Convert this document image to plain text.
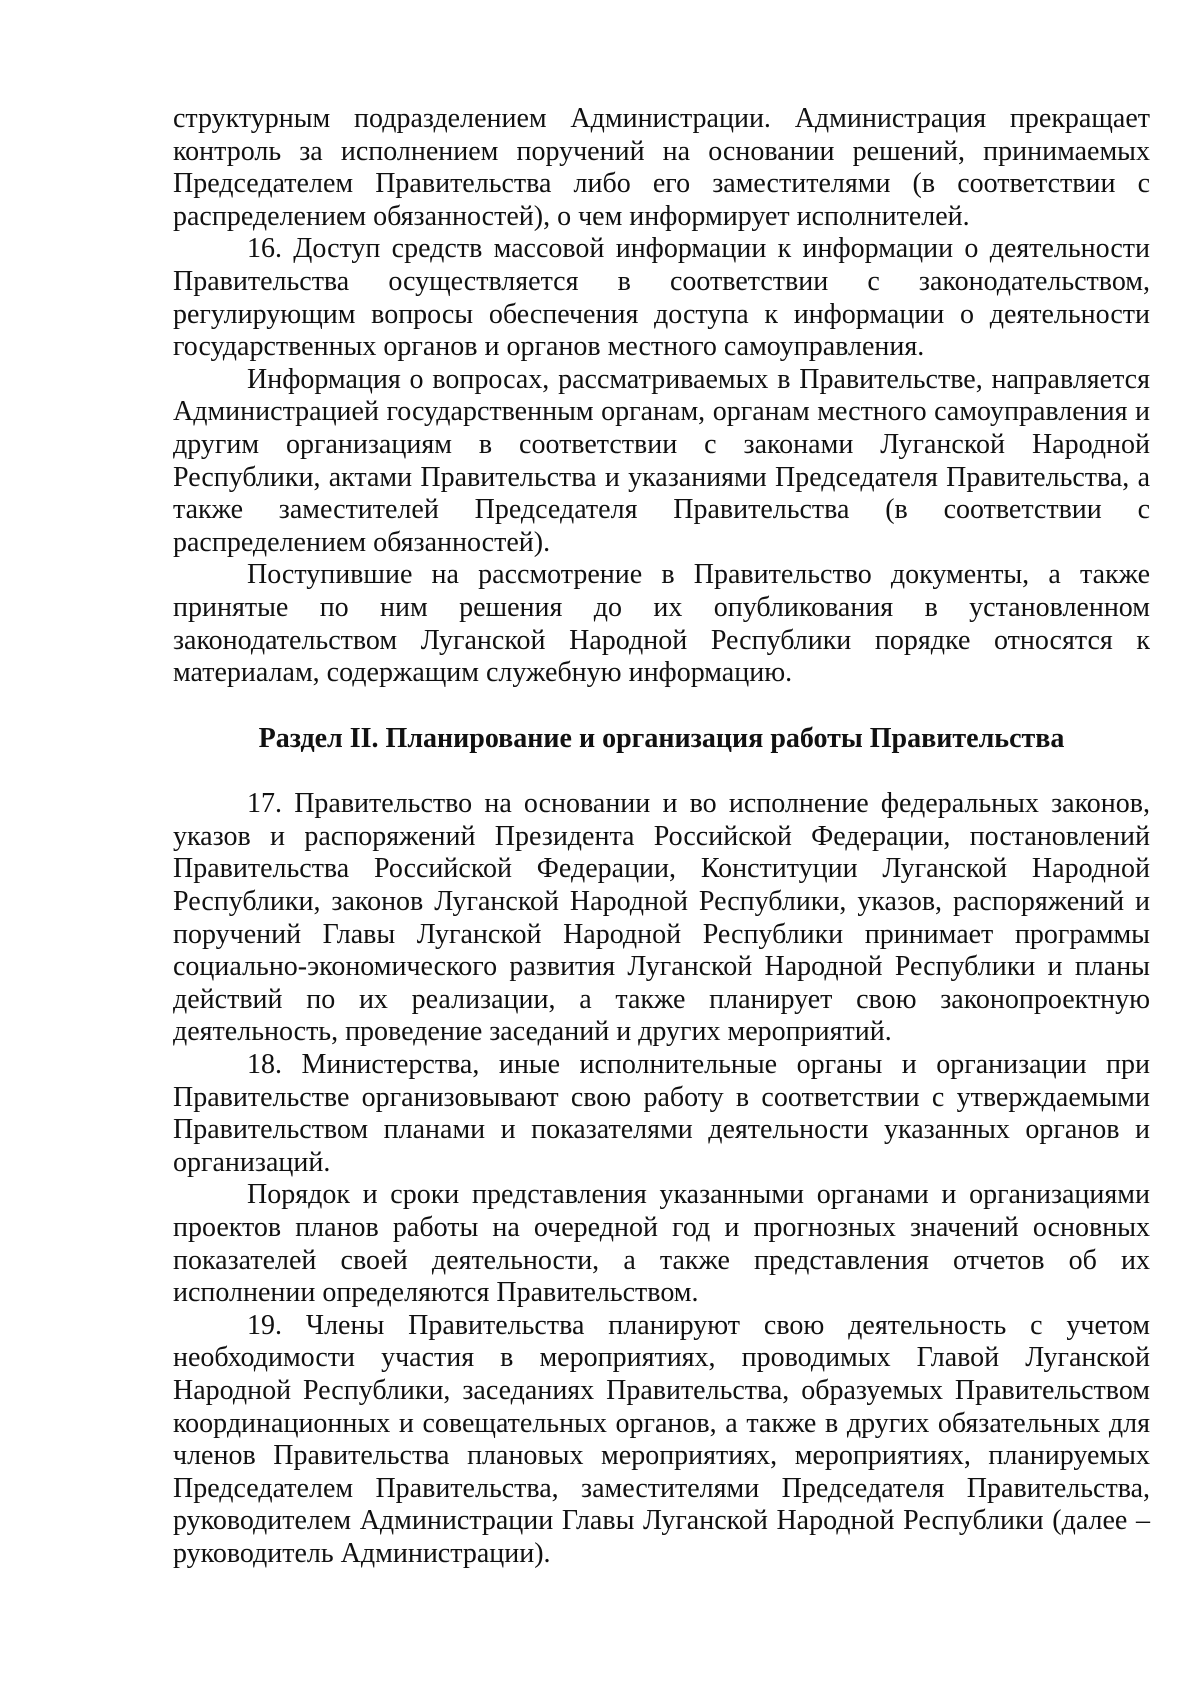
структурным подразделением Администрации. Администрация прекращает контроль за исполнением поручений на основании решений, принимаемых Председателем Правительства либо его заместителями (в соответствии с распределением обязанностей), о чем информирует исполнителей.

16. Доступ средств массовой информации к информации о деятельности Правительства осуществляется в соответствии с законодательством, регулирующим вопросы обеспечения доступа к информации о деятельности государственных органов и органов местного самоуправления.

Информация о вопросах, рассматриваемых в Правительстве, направляется Администрацией государственным органам, органам местного самоуправления и другим организациям в соответствии с законами Луганской Народной Республики, актами Правительства и указаниями Председателя Правительства, а также заместителей Председателя Правительства (в соответствии с распределением обязанностей).

Поступившие на рассмотрение в Правительство документы, а также принятые по ним решения до их опубликования в установленном законодательством Луганской Народной Республики порядке относятся к материалам, содержащим служебную информацию.

Раздел II. Планирование и организация работы Правительства

17. Правительство на основании и во исполнение федеральных законов, указов и распоряжений Президента Российской Федерации, постановлений Правительства Российской Федерации, Конституции Луганской Народной Республики, законов Луганской Народной Республики, указов, распоряжений и поручений Главы Луганской Народной Республики принимает программы социально-экономического развития Луганской Народной Республики и планы действий по их реализации, а также планирует свою законопроектную деятельность, проведение заседаний и других мероприятий.

18. Министерства, иные исполнительные органы и организации при Правительстве организовывают свою работу в соответствии с утверждаемыми Правительством планами и показателями деятельности указанных органов и организаций.

Порядок и сроки представления указанными органами и организациями проектов планов работы на очередной год и прогнозных значений основных показателей своей деятельности, а также представления отчетов об их исполнении определяются Правительством.

19. Члены Правительства планируют свою деятельность с учетом необходимости участия в мероприятиях, проводимых Главой Луганской Народной Республики, заседаниях Правительства, образуемых Правительством координационных и совещательных органов, а также в других обязательных для членов Правительства плановых мероприятиях, мероприятиях, планируемых Председателем Правительства, заместителями Председателя Правительства, руководителем Администрации Главы Луганской Народной Республики (далее – руководитель Администрации).
